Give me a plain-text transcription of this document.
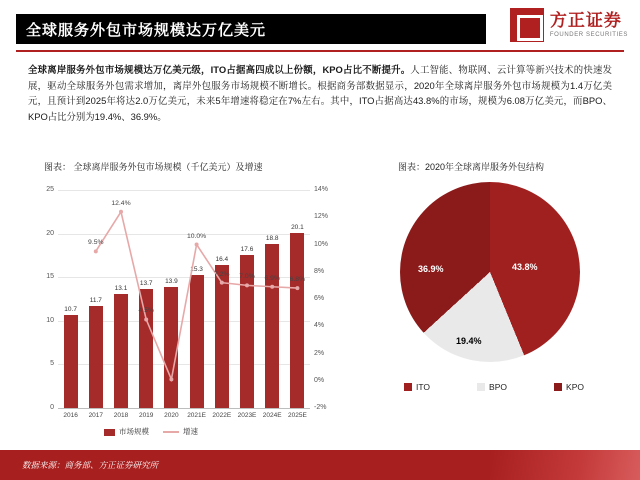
全球服务外包市场规模达万亿美元
方正证券
FOUNDER SECURITIES
全球离岸服务外包市场规模达万亿美元级，ITO占据高四成以上份额，KPO占比不断提升。人工智能、物联网、云计算等新兴技术的快速发展，驱动全球服务外包需求增加，离岸外包服务市场规模不断增长。根据商务部数据显示，2020年全球离岸服务外包市场规模为1.4万亿美元，且预计到2025年将达2.0万亿美元，未来5年增速将稳定在7%左右。其中，ITO占据高达43.8%的市场，规模为6.08万亿美元，而BPO、KPO占比分别为19.4%、36.9%。
图表： 全球离岸服务外包市场规模（千亿美元）及增速	图表：2020年全球离岸服务外包结构
0
5
10
15
20
25
-2%
0%
2%
4%
6%
8%
10%
12%
14%
10.7
2016
11.7
2017
13.1
2018
13.7
2019
13.9
2020
15.3
2021E
16.4
2022E
17.6
2023E
18.8
2024E
20.1
2025E
9.5%
12.4%
4.5%
10.0%
7.2%	7.0%	6.9%	6.8%
市场规模	增速
43.8%
19.4%
36.9%
ITO	BPO	KPO
数据来源：商务部、方正证券研究所
